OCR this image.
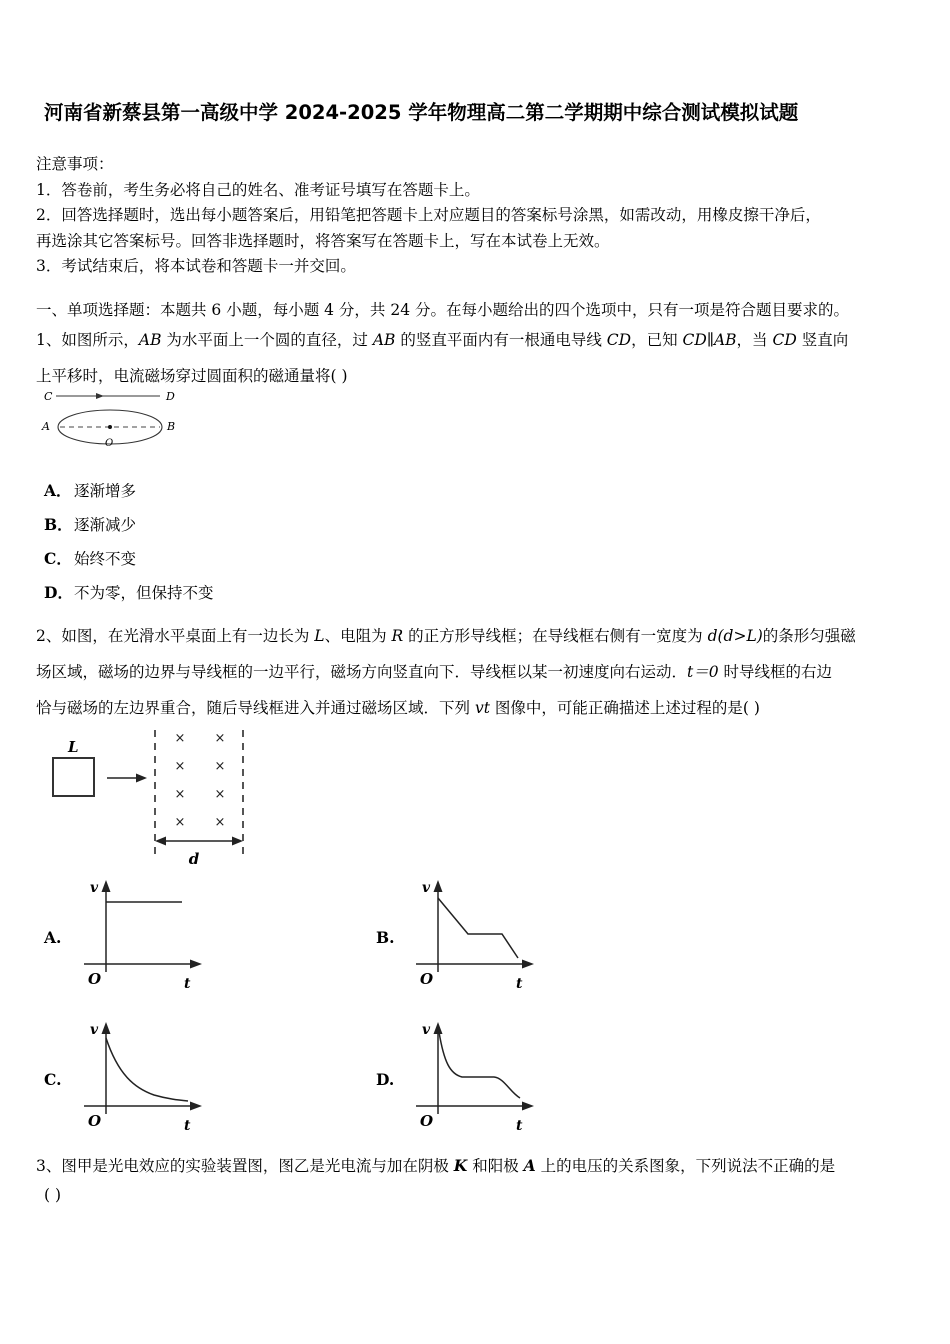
河南省新蔡县第一高级中学 2024-2025 学年物理高二第二学期期中综合测试模拟试题
注意事项：
1．答卷前，考生务必将自己的姓名、准考证号填写在答题卡上。
2．回答选择题时，选出每小题答案后，用铅笔把答题卡上对应题目的答案标号涂黑，如需改动，用橡皮擦干净后，
再选涂其它答案标号。回答非选择题时，将答案写在答题卡上，写在本试卷上无效。
3．考试结束后，将本试卷和答题卡一并交回。
一、单项选择题：本题共 6 小题，每小题 4 分，共 24 分。在每小题给出的四个选项中，只有一项是符合题目要求的。
1、如图所示，AB 为水平面上一个圆的直径，过 AB 的竖直平面内有一根通电导线 CD，已知 CD∥AB，当 CD 竖直向
上平移时，电流磁场穿过圆面积的磁通量将( )
C	D
A
O
B
A． 逐渐增多
B．逐渐减少
C． 始终不变
D．不为零，但保持不变
2、如图，在光滑水平桌面上有一边长为 L、电阻为 R 的正方形导线框；在导线框右侧有一宽度为 d(d>L)的条形匀强磁
场区域，磁场的边界与导线框的一边平行，磁场方向竖直向下．导线框以某一初速度向右运动．t＝0 时导线框的右边
恰与磁场的左边界重合，随后导线框进入并通过磁场区域．下列 vt 图像中，可能正确描述上述过程的是( )
L	× ×
× ×
× ×
× ×
d
A.
v
t
O
B.
v
t
O
C.
v
t
O
D.
v
t
O
3、图甲是光电效应的实验装置图，图乙是光电流与加在阴极 K 和阳极 A 上的电压的关系图象，下列说法不正确的是
( )
